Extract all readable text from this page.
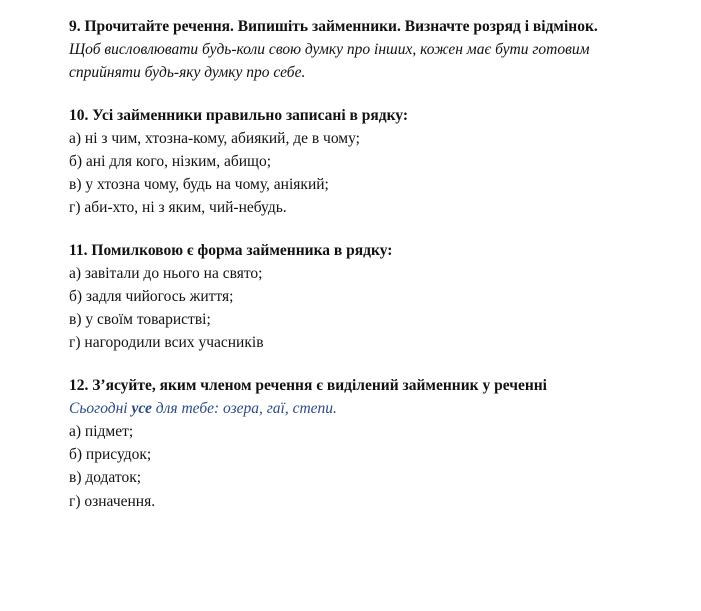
9. Прочитайте речення. Випишіть займенники. Визначте розряд і відмінок.
Щоб висловлювати будь-коли свою думку про інших, кожен має бути готовим
сприйняти будь-яку думку про себе.
10. Усі займенники правильно записані в рядку:
а) ні з чим, хтозна-кому, абиякий, де в чому;
б) ані для кого, нізким, абищо;
в) у хтозна чому, будь на чому, аніякий;
г) аби-хто, ні з яким, чий-небудь.
11. Помилковою є форма займенника в рядку:
а) завітали до нього на свято;
б) задля чийогось життя;
в) у своїм товаристві;
г) нагородили всих учасників
12. З’ясуйте, яким членом речення є виділений займенник у реченні
Сьогодні усе для тебе: озера, гаї, степи.
а) підмет;
б) присудок;
в) додаток;
г) означення.
